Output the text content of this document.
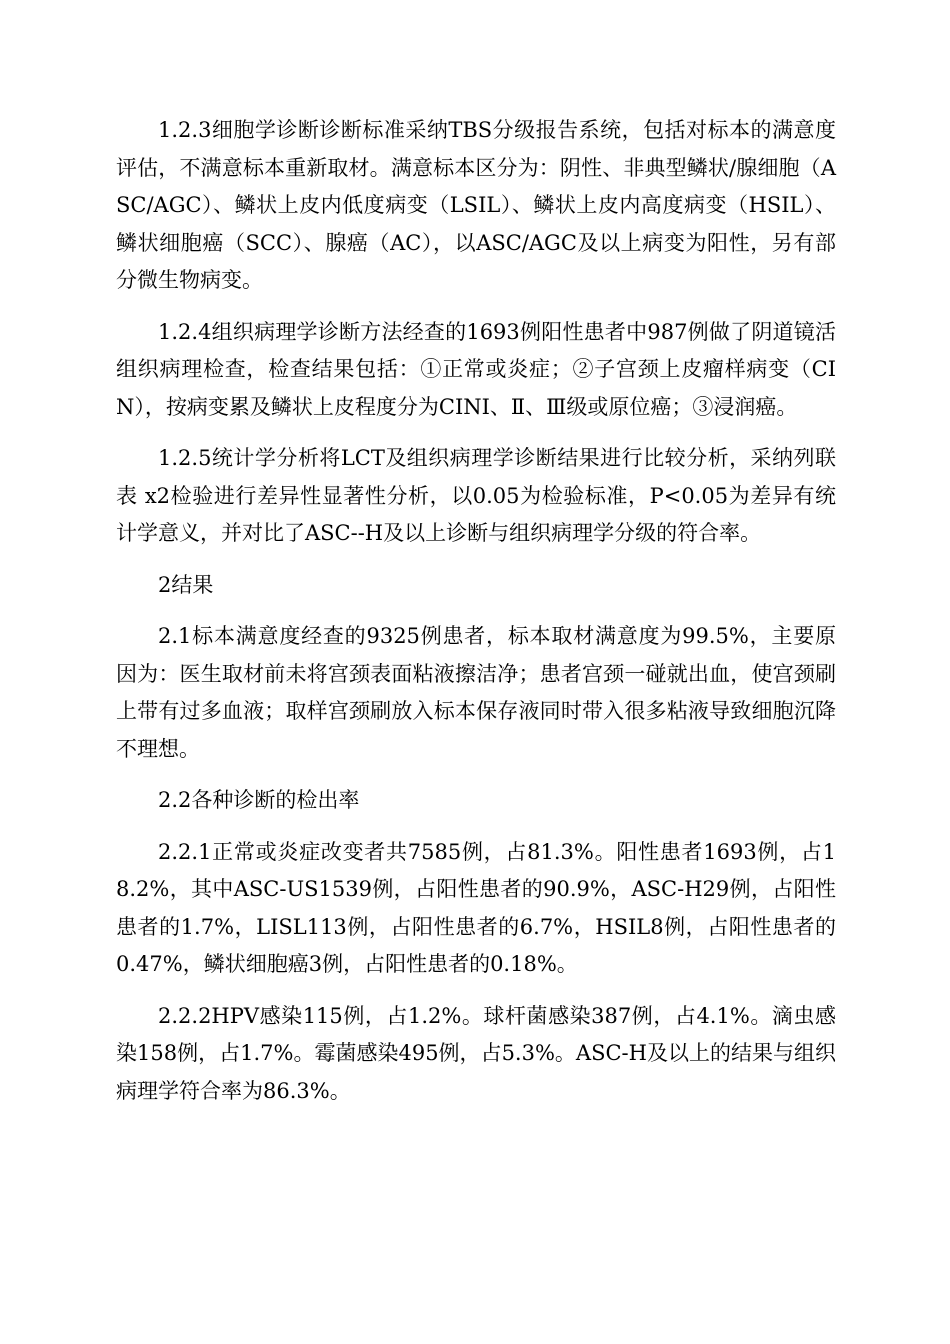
1.2.3细胞学诊断诊断标准采纳TBS分级报告系统，包括对标本的满意度评估，不满意标本重新取材。满意标本区分为：阴性、非典型鳞状/腺细胞（ASC/AGC）、鳞状上皮内低度病变（LSIL）、鳞状上皮内高度病变（HSIL）、鳞状细胞癌（SCC）、腺癌（AC），以ASC/AGC及以上病变为阳性，另有部分微生物病变。

1.2.4组织病理学诊断方法经查的1693例阳性患者中987例做了阴道镜活组织病理检查，检查结果包括：①正常或炎症；②子宫颈上皮瘤样病变（CIN），按病变累及鳞状上皮程度分为CINⅠ、Ⅱ、Ⅲ级或原位癌；③浸润癌。

1.2.5统计学分析将LCT及组织病理学诊断结果进行比较分析，采纳列联表 x2检验进行差异性显著性分析，以0.05为检验标准，P<0.05为差异有统计学意义，并对比了ASC--H及以上诊断与组织病理学分级的符合率。

2结果

2.1标本满意度经查的9325例患者，标本取材满意度为99.5%，主要原因为：医生取材前未将宫颈表面粘液擦洁净；患者宫颈一碰就出血，使宫颈刷上带有过多血液；取样宫颈刷放入标本保存液同时带入很多粘液导致细胞沉降不理想。

2.2各种诊断的检出率

2.2.1正常或炎症改变者共7585例，占81.3%。阳性患者1693例，占18.2%，其中ASC-US1539例，占阳性患者的90.9%，ASC-H29例，占阳性患者的1.7%，LISL113例，占阳性患者的6.7%，HSIL8例，占阳性患者的0.47%，鳞状细胞癌3例，占阳性患者的0.18%。

2.2.2HPV感染115例，占1.2%。球杆菌感染387例，占4.1%。滴虫感染158例，占1.7%。霉菌感染495例，占5.3%。ASC-H及以上的结果与组织病理学符合率为86.3%。
